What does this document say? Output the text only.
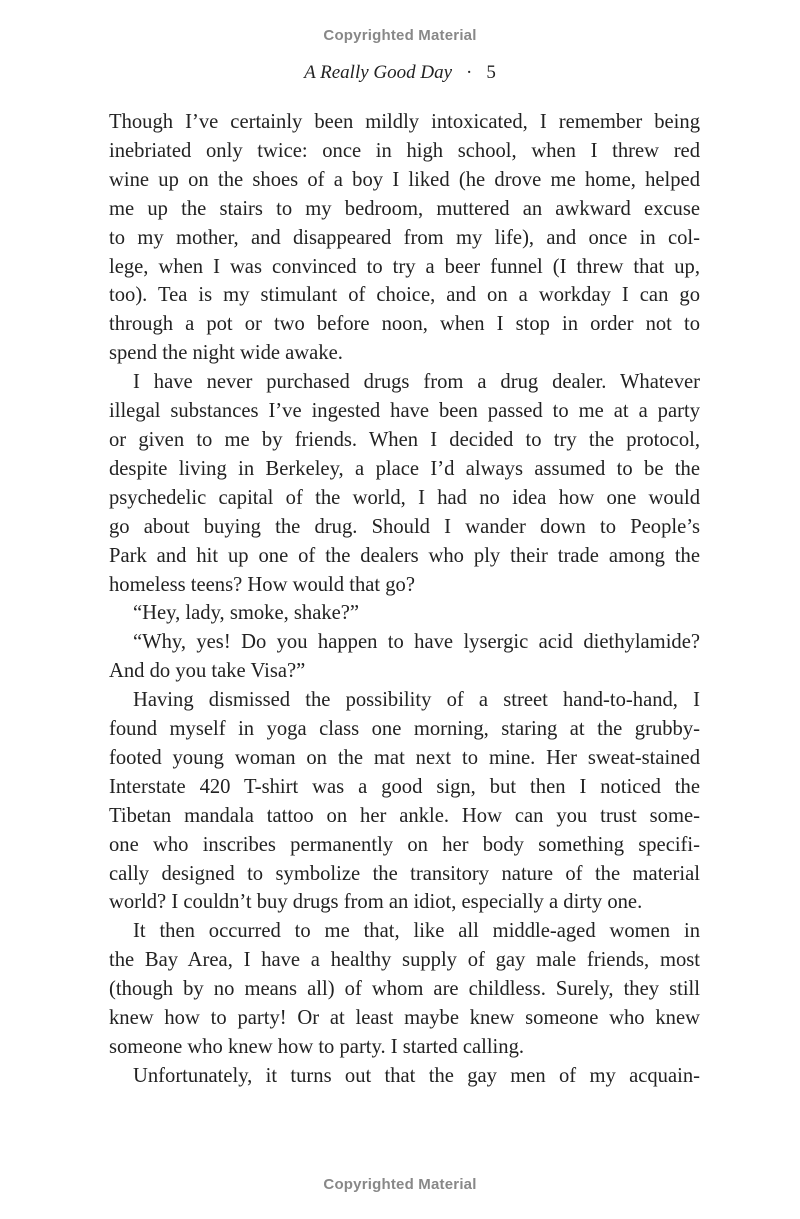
Copyrighted Material
A Really Good Day · 5
Though I’ve certainly been mildly intoxicated, I remember being
inebriated only twice: once in high school, when I threw red
wine up on the shoes of a boy I liked (he drove me home, helped
me up the stairs to my bedroom, muttered an awkward excuse
to my mother, and disappeared from my life), and once in col-
lege, when I was convinced to try a beer funnel (I threw that up,
too). Tea is my stimulant of choice, and on a workday I can go
through a pot or two before noon, when I stop in order not to
spend the night wide awake.
I have never purchased drugs from a drug dealer. Whatever
illegal substances I’ve ingested have been passed to me at a party
or given to me by friends. When I decided to try the protocol,
despite living in Berkeley, a place I’d always assumed to be the
psychedelic capital of the world, I had no idea how one would
go about buying the drug. Should I wander down to People’s
Park and hit up one of the dealers who ply their trade among the
homeless teens? How would that go?
“Hey, lady, smoke, shake?”
“Why, yes! Do you happen to have lysergic acid diethylamide?
And do you take Visa?”
Having dismissed the possibility of a street hand-to-hand, I
found myself in yoga class one morning, staring at the grubby-
footed young woman on the mat next to mine. Her sweat-stained
Interstate 420 T-shirt was a good sign, but then I noticed the
Tibetan mandala tattoo on her ankle. How can you trust some-
one who inscribes permanently on her body something specifi-
cally designed to symbolize the transitory nature of the material
world? I couldn’t buy drugs from an idiot, especially a dirty one.
It then occurred to me that, like all middle-aged women in
the Bay Area, I have a healthy supply of gay male friends, most
(though by no means all) of whom are childless. Surely, they still
knew how to party! Or at least maybe knew someone who knew
someone who knew how to party. I started calling.
Unfortunately, it turns out that the gay men of my acquain-
Copyrighted Material
